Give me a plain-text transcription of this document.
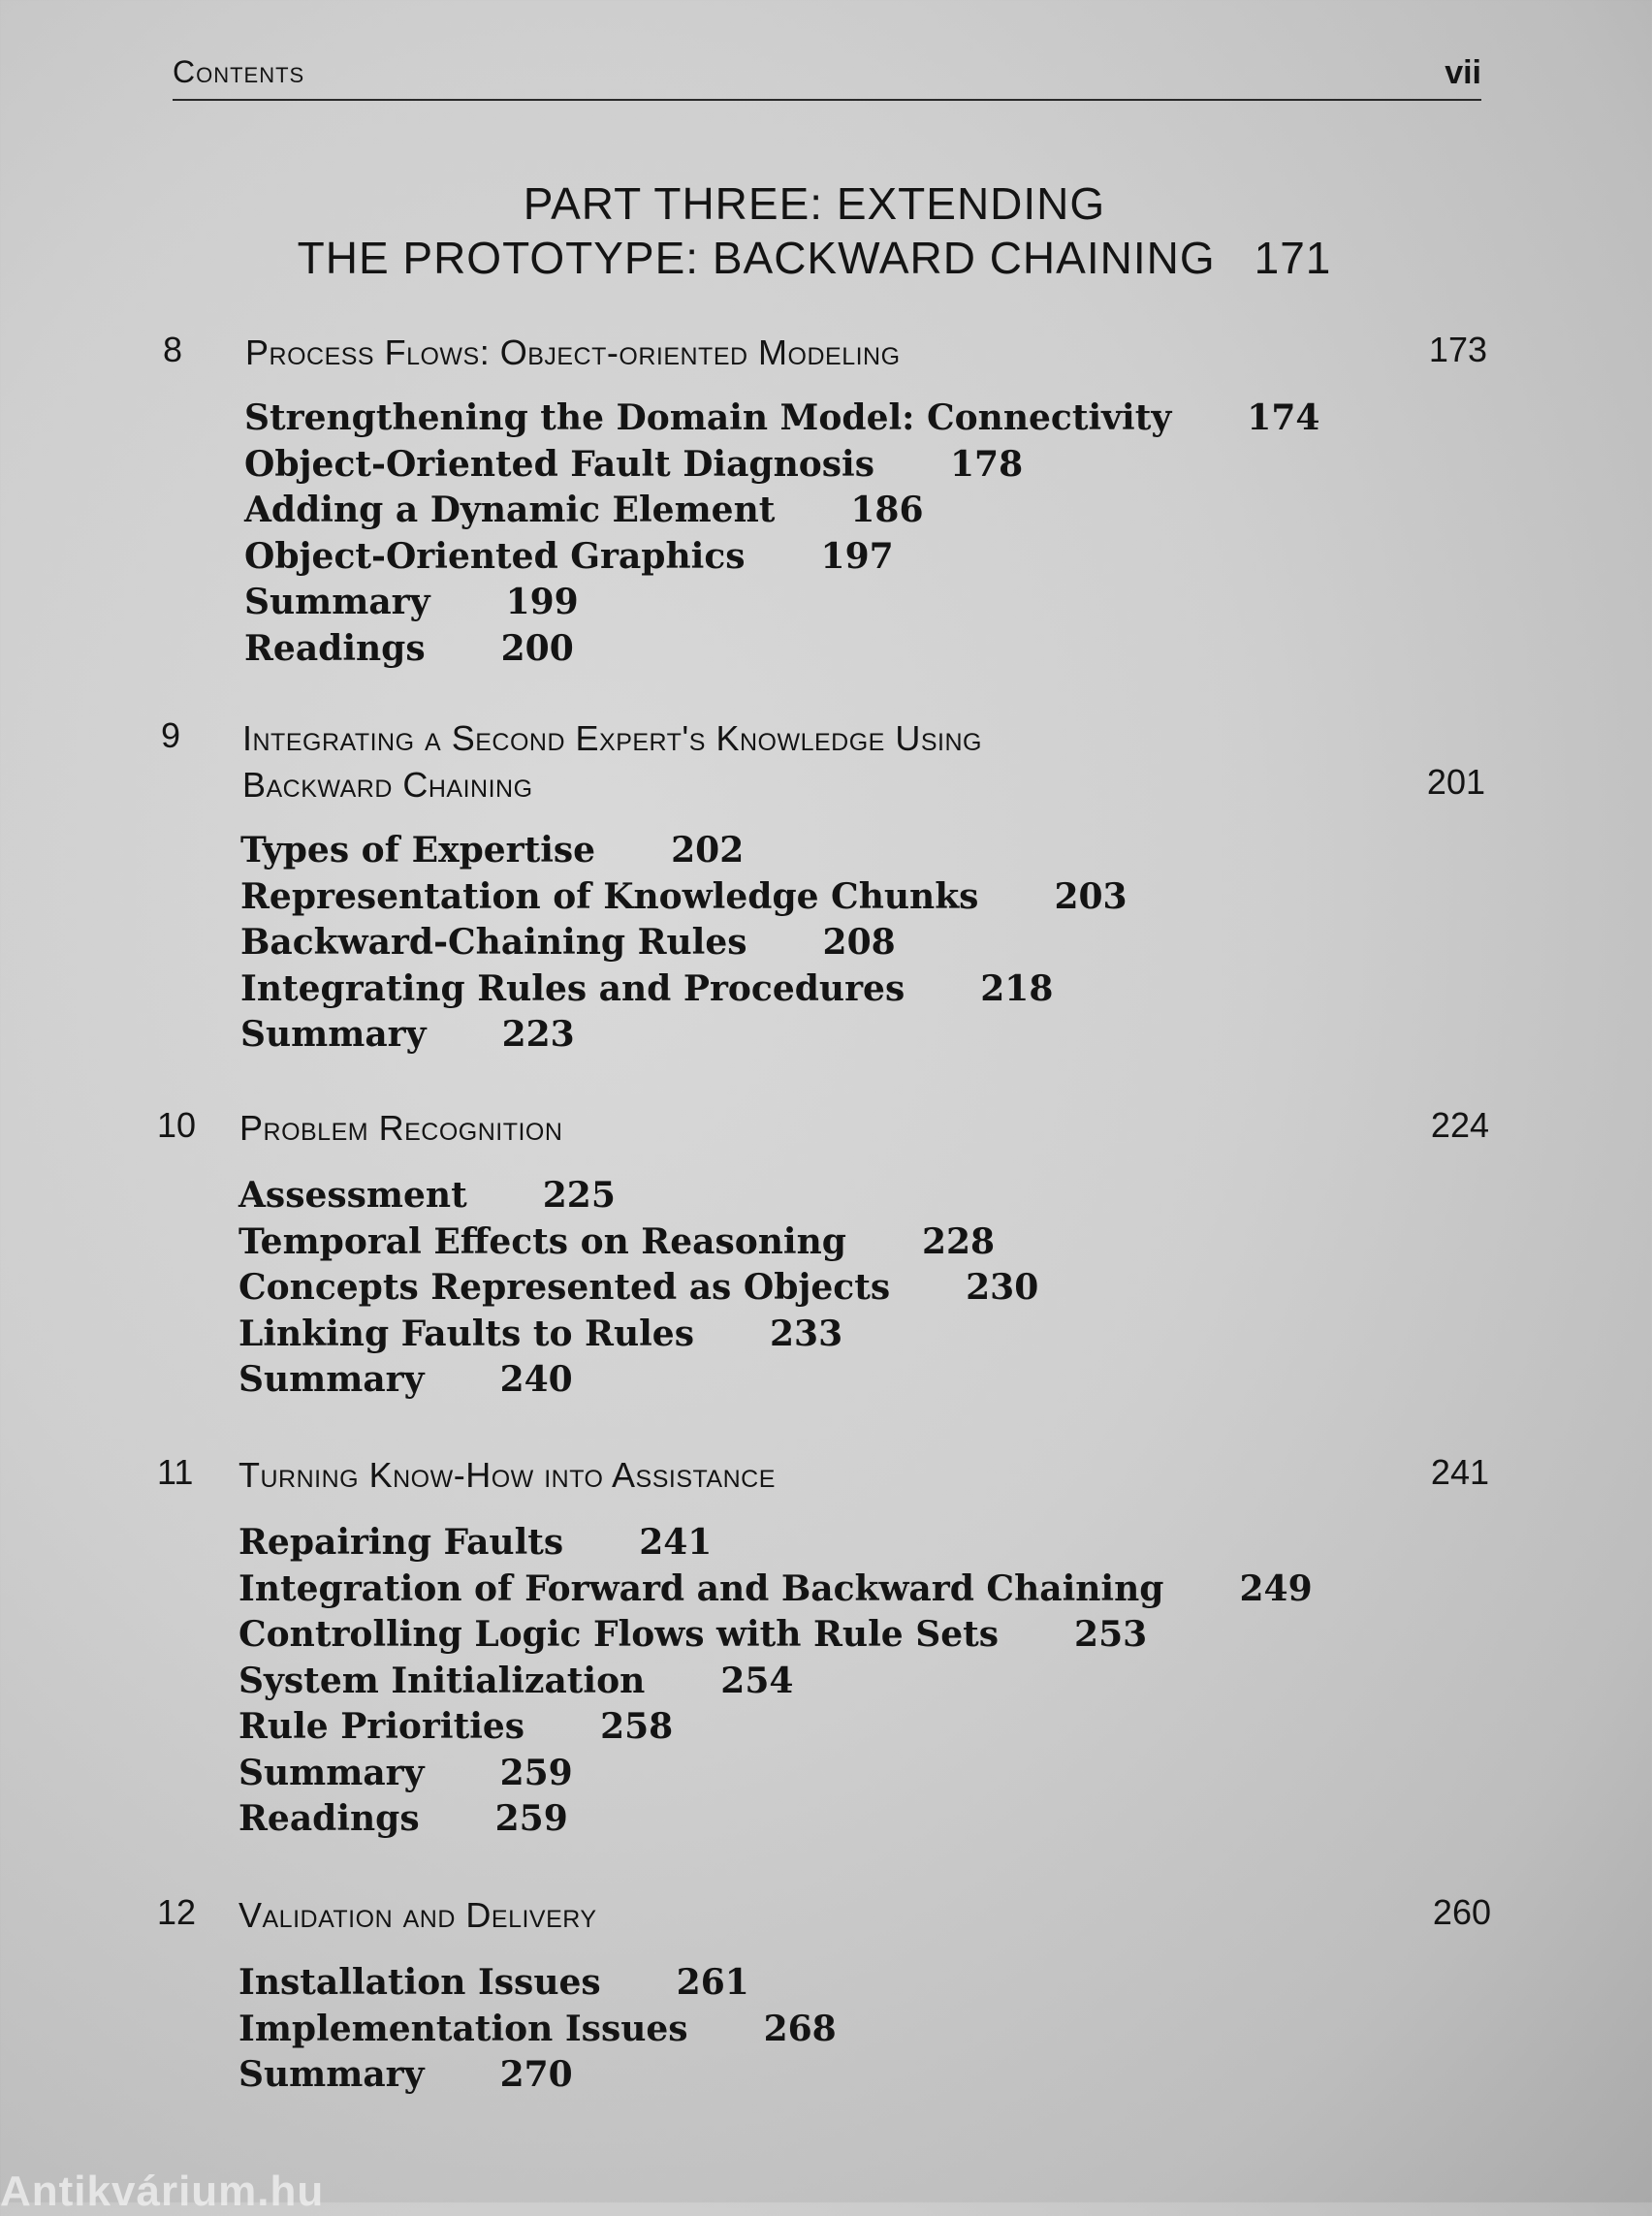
Contents	vii
PART THREE: EXTENDING
THE PROTOTYPE: BACKWARD CHAINING 171
8 Process Flows: Object-oriented Modeling	173
Strengthening the Domain Model: Connectivity 174
Object-Oriented Fault Diagnosis 178
Adding a Dynamic Element 186
Object-Oriented Graphics 197
Summary 199
Readings 200
9 Integrating a Second Expert's Knowledge Using
Backward Chaining	201
Types of Expertise 202
Representation of Knowledge Chunks 203
Backward-Chaining Rules 208
Integrating Rules and Procedures 218
Summary 223
10 Problem Recognition	224
Assessment 225
Temporal Effects on Reasoning 228
Concepts Represented as Objects 230
Linking Faults to Rules 233
Summary 240
11 Turning Know-How into Assistance	241
Repairing Faults 241
Integration of Forward and Backward Chaining 249
Controlling Logic Flows with Rule Sets 253
System Initialization 254
Rule Priorities 258
Summary 259
Readings 259
12 Validation and Delivery	260
Installation Issues 261
Implementation Issues 268
Summary 270
Antikvárium.hu
